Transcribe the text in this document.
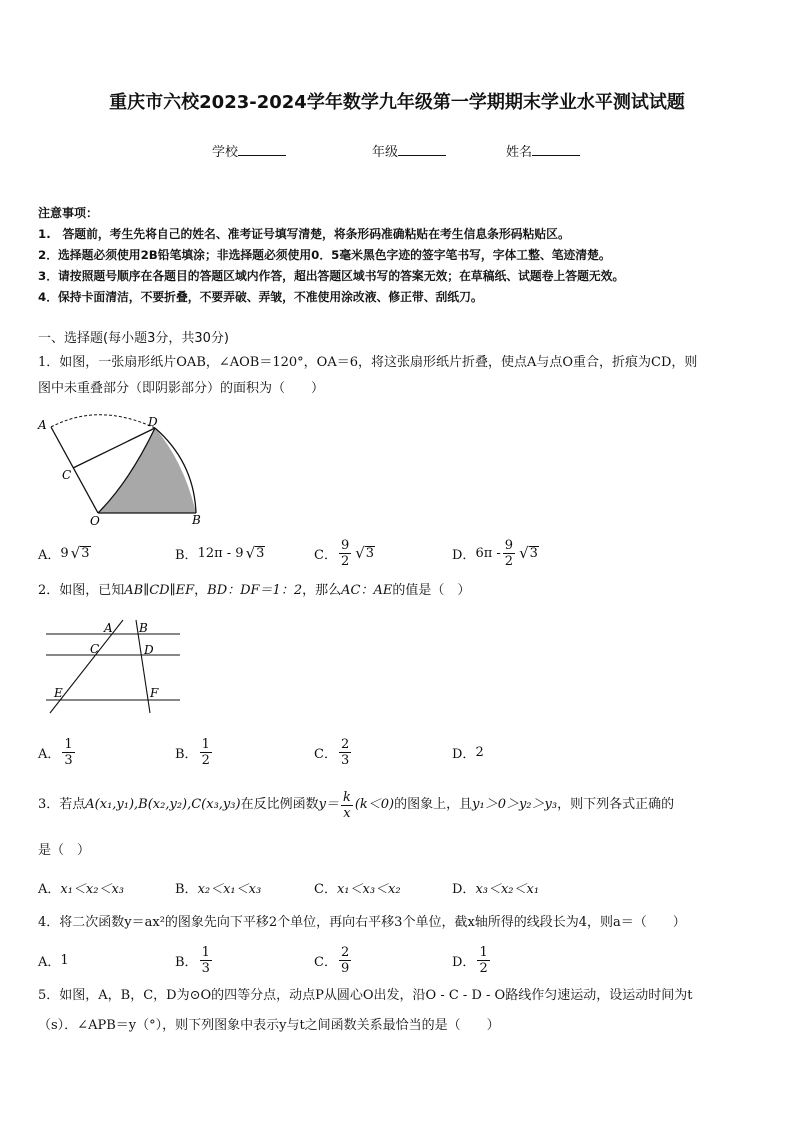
重庆市六校2023-2024学年数学九年级第一学期期末学业水平测试试题
学校	年级	姓名
注意事项：
1.　答题前，考生先将自己的姓名、准考证号填写清楚，将条形码准确粘贴在考生信息条形码粘贴区。
2．选择题必须使用2B铅笔填涂；非选择题必须使用0．5毫米黑色字迹的签字笔书写，字体工整、笔迹清楚。
3．请按照题号顺序在各题目的答题区域内作答，超出答题区域书写的答案无效；在草稿纸、试题卷上答题无效。
4．保持卡面清洁，不要折叠，不要弄破、弄皱，不准使用涂改液、修正带、刮纸刀。
一、选择题(每小题3分，共30分)
1．如图，一张扇形纸片OAB，∠AOB＝120°，OA＝6，将这张扇形纸片折叠，使点A与点O重合，折痕为CD，则
图中未重叠部分（即阴影部分）的面积为（　　）
A	D
C
O	B
A． 9 √ 3	B． 12π - 9 √ 3	C． $\frac{9}{2}$ √ 3	D． $6\pi - \frac{9}{2}$ √ 3
2．如图，已知AB∥CD∥EF，BD：DF＝1：2，那么AC：AE的值是（　）
A B
C	D
E	F
A． $\frac{1}{3}$	B． $\frac{1}{2}$	C． $\frac{2}{3}$	D． 2
3．若点 A(x₁,y₁),B(x₂,y₂),C(x₃,y₃) 在反比例函数 $y= \frac{k}{x} (k<0)$ 的图象上，且 y₁＞0＞y₂＞y₃ ，则下列各式正确的
是（　）
A． x₁＜x₂＜x₃	B． x₂＜x₁＜x₃	C． x₁＜x₃＜x₂	D． x₃＜x₂＜x₁
4．将二次函数y＝ax²的图象先向下平移2个单位，再向右平移3个单位，截x轴所得的线段长为4，则a＝（　　）
A． 1	B． $\frac{1}{3}$	C． $\frac{2}{9}$	D． $\frac{1}{2}$
5．如图，A，B，C，D为⊙O的四等分点，动点P从圆心O出发，沿O - C - D - O路线作匀速运动，设运动时间为t
（s）．∠APB＝y（°），则下列图象中表示y与t之间函数关系最恰当的是（　　）
